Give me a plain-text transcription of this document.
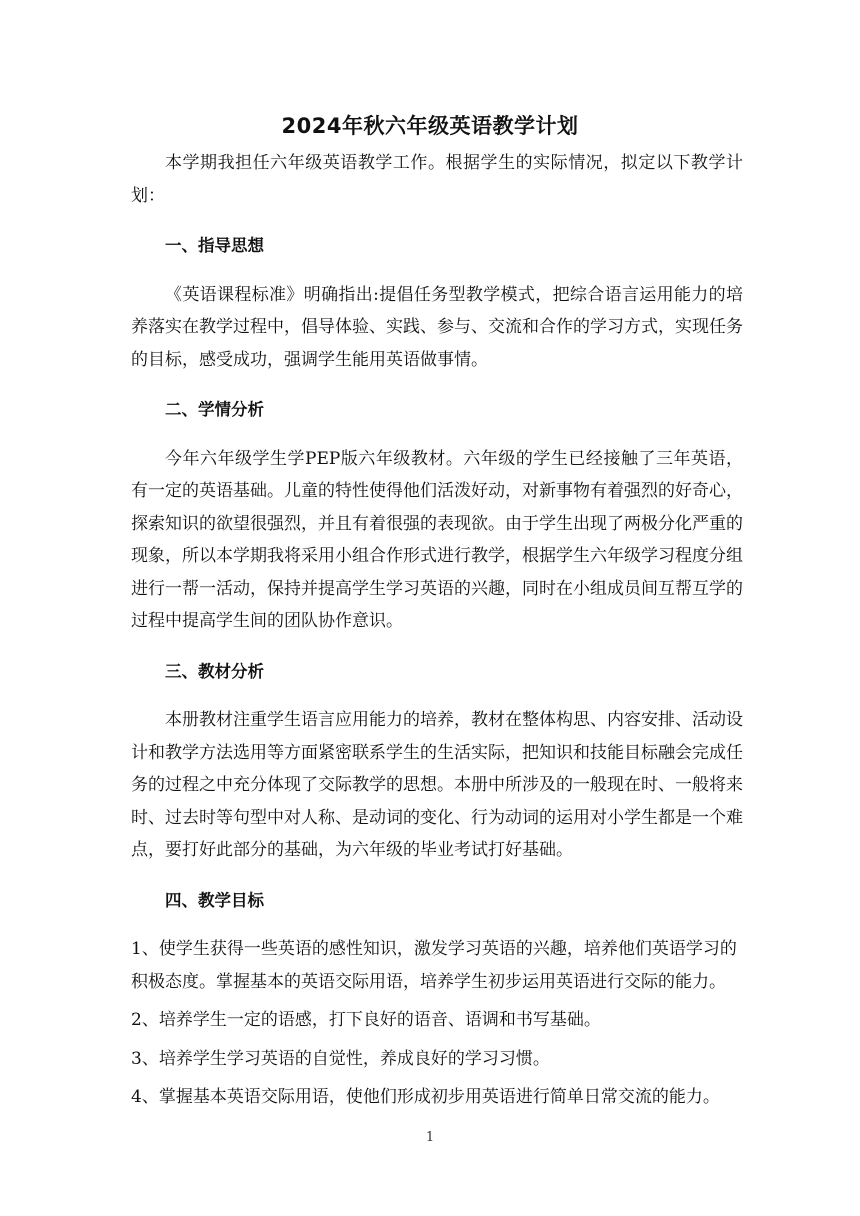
2024年秋六年级英语教学计划

本学期我担任六年级英语教学工作。根据学生的实际情况，拟定以下教学计划：

一、指导思想

《英语课程标准》明确指出:提倡任务型教学模式，把综合语言运用能力的培养落实在教学过程中，倡导体验、实践、参与、交流和合作的学习方式，实现任务的目标，感受成功，强调学生能用英语做事情。

二、学情分析

今年六年级学生学PEP版六年级教材。六年级的学生已经接触了三年英语，有一定的英语基础。儿童的特性使得他们活泼好动，对新事物有着强烈的好奇心，探索知识的欲望很强烈，并且有着很强的表现欲。由于学生出现了两极分化严重的现象，所以本学期我将采用小组合作形式进行教学，根据学生六年级学习程度分组进行一帮一活动，保持并提高学生学习英语的兴趣，同时在小组成员间互帮互学的过程中提高学生间的团队协作意识。

三、教材分析

本册教材注重学生语言应用能力的培养，教材在整体构思、内容安排、活动设计和教学方法选用等方面紧密联系学生的生活实际，把知识和技能目标融会完成任务的过程之中充分体现了交际教学的思想。本册中所涉及的一般现在时、一般将来时、过去时等句型中对人称、是动词的变化、行为动词的运用对小学生都是一个难点，要打好此部分的基础，为六年级的毕业考试打好基础。

四、教学目标

1、使学生获得一些英语的感性知识，激发学习英语的兴趣，培养他们英语学习的积极态度。掌握基本的英语交际用语，培养学生初步运用英语进行交际的能力。

2、培养学生一定的语感，打下良好的语音、语调和书写基础。

3、培养学生学习英语的自觉性，养成良好的学习习惯。

4、掌握基本英语交际用语，使他们形成初步用英语进行简单日常交流的能力。

1
